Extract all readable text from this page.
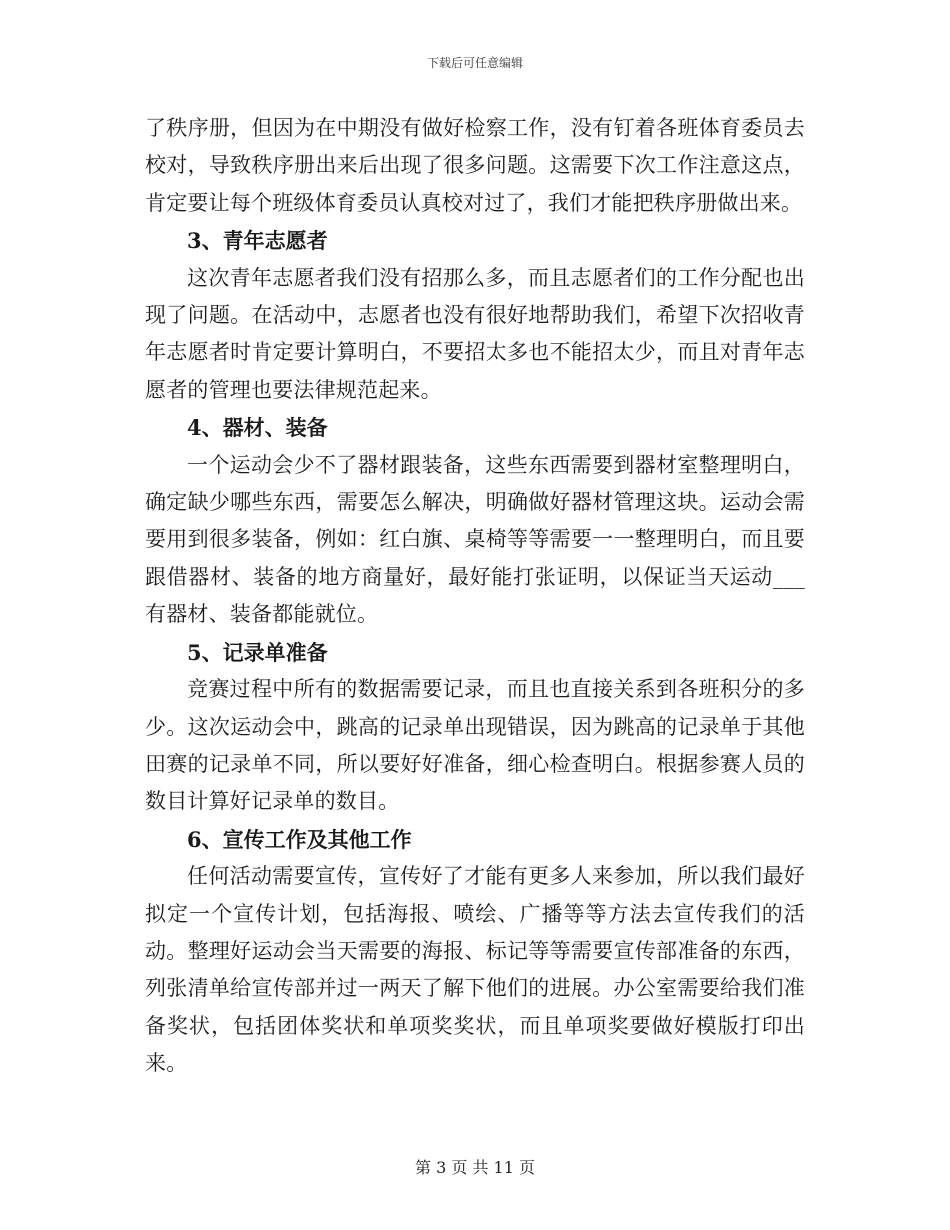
下载后可任意编辑

了秩序册，但因为在中期没有做好检察工作，没有钉着各班体育委员去校对，导致秩序册出来后出现了很多问题。这需要下次工作注意这点，肯定要让每个班级体育委员认真校对过了，我们才能把秩序册做出来。

3、青年志愿者

这次青年志愿者我们没有招那么多，而且志愿者们的工作分配也出现了问题。在活动中，志愿者也没有很好地帮助我们，希望下次招收青年志愿者时肯定要计算明白，不要招太多也不能招太少，而且对青年志愿者的管理也要法律规范起来。

4、器材、装备

一个运动会少不了器材跟装备，这些东西需要到器材室整理明白，确定缺少哪些东西，需要怎么解决，明确做好器材管理这块。运动会需要用到很多装备，例如：红白旗、桌椅等等需要一一整理明白，而且要跟借器材、装备的地方商量好，最好能打张证明，以保证当天运动___有器材、装备都能就位。

5、记录单准备

竞赛过程中所有的数据需要记录，而且也直接关系到各班积分的多少。这次运动会中，跳高的记录单出现错误，因为跳高的记录单于其他田赛的记录单不同，所以要好好准备，细心检查明白。根据参赛人员的数目计算好记录单的数目。

6、宣传工作及其他工作

任何活动需要宣传，宣传好了才能有更多人来参加，所以我们最好拟定一个宣传计划，包括海报、喷绘、广播等等方法去宣传我们的活动。整理好运动会当天需要的海报、标记等等需要宣传部准备的东西，列张清单给宣传部并过一两天了解下他们的进展。办公室需要给我们准备奖状，包括团体奖状和单项奖奖状，而且单项奖要做好模版打印出来。

第 3 页 共 11 页
